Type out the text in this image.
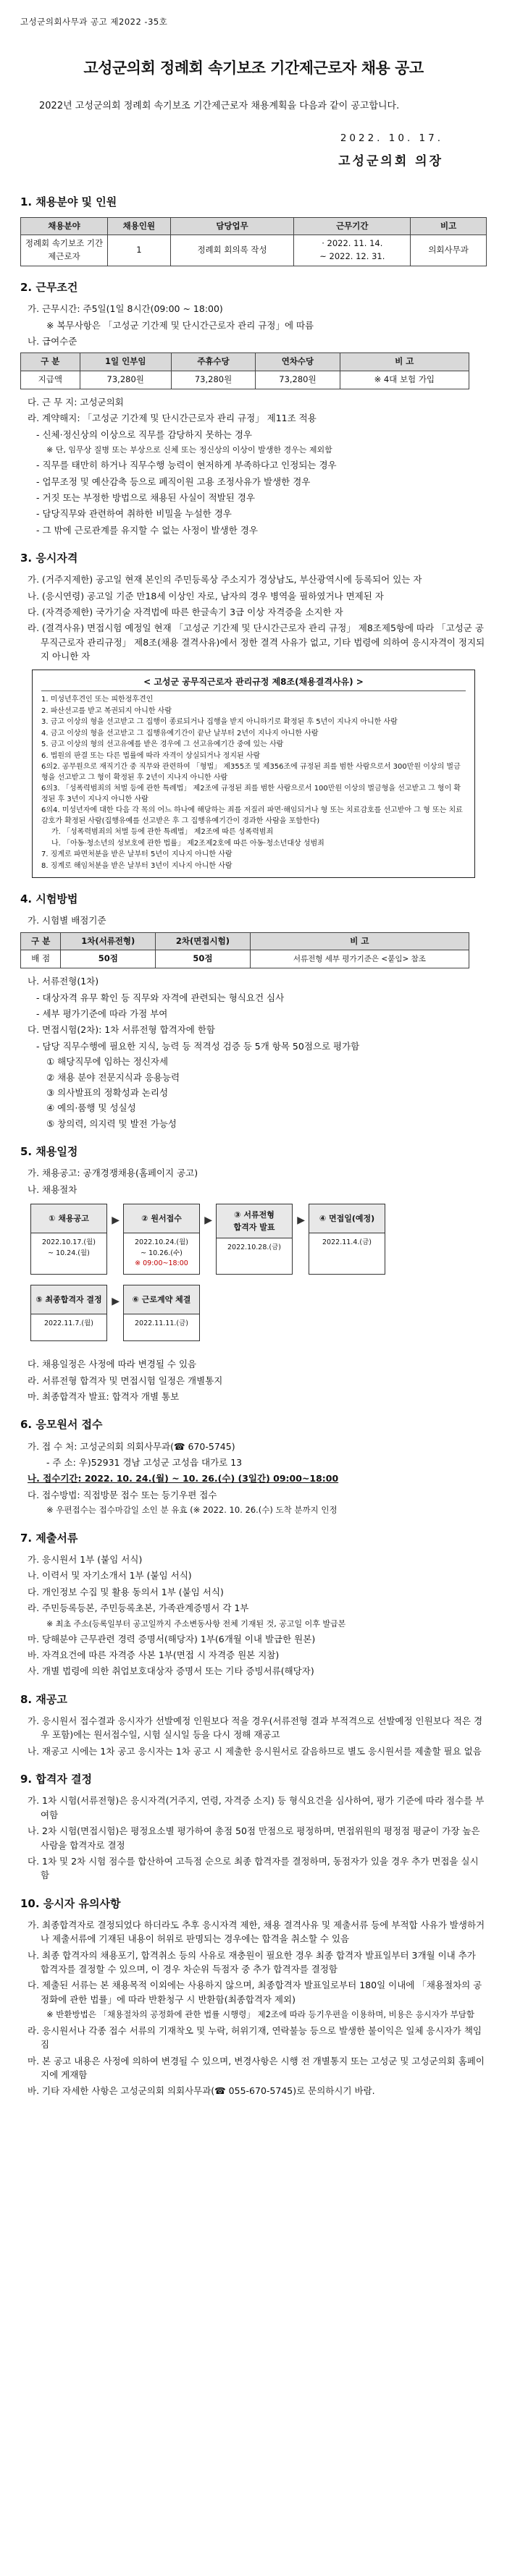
고성군의회사무과 공고 제2022 -35호
고성군의회 정례회 속기보조 기간제근로자 채용 공고
2022년 고성군의회 정례회 속기보조 기간제근로자 채용계획을 다음과 같이 공고합니다.
2022. 10. 17.
고성군의회 의장
1. 채용분야 및 인원
채용분야	채용인원	담당업무	근무기간	비고
정례회 속기보조 기간제근로자	1	정례회 회의록 작성	· 2022. 11. 14.
~ 2022. 12. 31.	의회사무과
2. 근무조건

가. 근무시간: 주5일(1일 8시간(09:00 ~ 18:00)

※ 복무사항은 「고성군 기간제 및 단시간근로자 관리 규정」에 따름

나. 급여수준

구 분	1일 인부임	주휴수당	연차수당	비 고
지급액	73,280원	73,280원	73,280원	※ 4대 보험 가입

다. 근 무 지: 고성군의회

라. 계약해지: 「고성군 기간제 및 단시간근로자 관리 규정」 제11조 적용

- 신체·정신상의 이상으로 직무를 감당하지 못하는 경우

※ 단, 임무상 질병 또는 부상으로 신체 또는 정신상의 이상이 발생한 경우는 제외함

- 직무를 태만히 하거나 직무수행 능력이 현저하게 부족하다고 인정되는 경우

- 업무조정 및 예산감축 등으로 폐직이원 고용 조정사유가 발생한 경우

- 거짓 또는 부정한 방법으로 채용된 사실이 적발된 경우

- 담당직무와 관련하여 취하한 비밀을 누설한 경우

- 그 밖에 근로관계를 유지할 수 없는 사정이 발생한 경우

3. 응시자격

가. (거주지제한) 공고일 현재 본인의 주민등록상 주소지가 경상남도, 부산광역시에 등록되어 있는 자

나. (응시연령) 공고일 기준 만18세 이상인 자로, 남자의 경우 병역을 필하였거나 면제된 자

다. (자격증제한) 국가기술 자격법에 따른 한글속기 3급 이상 자격증을 소지한 자

라. (결격사유) 면접시험 예정일 현재 「고성군 기간제 및 단시간근로자 관리 규정」 제8조제5항에 따라 「고성군 공무직근로자 관리규정」 제8조(채용 결격사유)에서 정한 결격 사유가 없고, 기타 법령에 의하여 응시자격이 정지되지 아니한 자

< 고성군 공무직근로자 관리규정 제8조(채용결격사유) >

1. 미성년후견인 또는 피한정후견인

2. 파산선고를 받고 복권되지 아니한 사람

3. 금고 이상의 형을 선고받고 그 집행이 종료되거나 집행을 받지 아니하기로 확정된 후 5년이 지나지 아니한 사람

4. 금고 이상의 형을 선고받고 그 집행유예기간이 끝난 날부터 2년이 지나지 아니한 사람

5. 금고 이상의 형의 선고유예를 받은 경우에 그 선고유예기간 중에 있는 사람

6. 법원의 판결 또는 다른 법률에 따라 자격이 상실되거나 정지된 사람

6의2. 공무원으로 재직기간 중 직무와 관련하여 「형법」 제355조 및 제356조에 규정된 죄를 범한 사람으로서 300만원 이상의 벌금형을 선고받고 그 형이 확정된 후 2년이 지나지 아니한 사람

6의3. 「성폭력범죄의 처벌 등에 관한 특례법」 제2조에 규정된 죄를 범한 사람으로서 100만원 이상의 벌금형을 선고받고 그 형이 확정된 후 3년이 지나지 아니한 사람

6의4. 미성년자에 대한 다음 각 목의 어느 하나에 해당하는 죄를 저질러 파면·해임되거나 형 또는 치료감호를 선고받아 그 형 또는 치료감호가 확정된 사람(집행유예를 선고받은 후 그 집행유예기간이 경과한 사람을 포함한다)

가. 「성폭력범죄의 처벌 등에 관한 특례법」 제2조에 따른 성폭력범죄

나. 「아동·청소년의 성보호에 관한 법률」 제2조제2호에 따른 아동·청소년대상 성범죄

7. 징계로 파면처분을 받은 날부터 5년이 지나지 아니한 사람

8. 징계로 해임처분을 받은 날부터 3년이 지나지 아니한 사람

4. 시험방법

가. 시험별 배점기준

구 분	1차(서류전형)	2차(면접시험)	비 고
배 점	50점	50점	서류전형 세부 평가기준은 <붙임> 참조

나. 서류전형(1차)

- 대상자격 유무 확인 등 직무와 자격에 관련되는 형식요건 심사

- 세부 평가기준에 따라 가점 부여

다. 면접시험(2차): 1차 서류전형 합격자에 한함

- 담당 직무수행에 필요한 지식, 능력 등 적격성 검증 등 5개 항목 50점으로 평가함

① 해당직무에 임하는 정신자세

② 채용 분야 전문지식과 응용능력

③ 의사발표의 정확성과 논리성

④ 예의·품행 및 성실성

⑤ 창의력, 의지력 및 발전 가능성

5. 채용일정

가. 채용공고: 공개경쟁채용(홈페이지 공고)

나. 채용절차

① 채용공고
2022.10.17.(월)
~ 10.24.(월)
▶	② 원서접수
2022.10.24.(월)
~ 10.26.(수)
※ 09:00~18:00
▶	③ 서류전형
합격자 발표
2022.10.28.(금)
▶	④ 면접일(예정)
2022.11.4.(금)
⑤ 최종합격자 결정
2022.11.7.(월)
▶	⑥ 근로계약 체결
2022.11.11.(금)

다. 채용일정은 사정에 따라 변경될 수 있음

라. 서류전형 합격자 및 면접시험 일정은 개별통지

마. 최종합격자 발표: 합격자 개별 통보

6. 응모원서 접수

가. 접 수 처: 고성군의회 의회사무과(☎ 670-5745)

- 주 소: 우)52931 경남 고성군 고성읍 대가로 13

나. 접수기간: 2022. 10. 24.(월) ~ 10. 26.(수) (3일간) 09:00~18:00

다. 접수방법: 직접방문 접수 또는 등기우편 접수

※ 우편접수는 접수마감일 소인 분 유효 (※ 2022. 10. 26.(수) 도착 분까지 인정

7. 제출서류

가. 응시원서 1부 (붙임 서식)

나. 이력서 및 자기소개서 1부 (붙임 서식)

다. 개인정보 수집 및 활용 동의서 1부 (붙임 서식)

라. 주민등록등본, 주민등록초본, 가족관계증명서 각 1부

※ 최초 주소(등록일부터 공고일까지 주소변동사항 전체 기재된 것, 공고일 이후 발급본

마. 당해분야 근무관련 경력 증명서(해당자) 1부(6개월 이내 발급한 원본)

바. 자격요건에 따른 자격증 사본 1부(면접 시 자격증 원본 지참)

사. 개별 법령에 의한 취업보호대상자 증명서 또는 기타 증빙서류(해당자)

8. 재공고

가. 응시원서 접수결과 응시자가 선발예정 인원보다 적을 경우(서류전형 결과 부적격으로 선발예정 인원보다 적은 경우 포함)에는 원서접수일, 시험 실시일 등을 다시 정해 재공고

나. 재공고 시에는 1차 공고 응시자는 1차 공고 시 제출한 응시원서로 갈음하므로 별도 응시원서를 제출할 필요 없음

9. 합격자 결정

가. 1차 시험(서류전형)은 응시자격(거주지, 연령, 자격증 소지) 등 형식요건을 심사하여, 평가 기준에 따라 점수를 부여함

나. 2차 시험(면접시험)은 평정요소별 평가하여 총점 50점 만점으로 평정하며, 면접위원의 평정점 평균이 가장 높은 사람을 합격자로 결정

다. 1차 및 2차 시험 점수를 합산하여 고득점 순으로 최종 합격자를 결정하며, 동점자가 있을 경우 추가 면접을 실시함

10. 응시자 유의사항

가. 최종합격자로 결정되었다 하더라도 추후 응시자격 제한, 채용 결격사유 및 제출서류 등에 부적합 사유가 발생하거나 제출서류에 기재된 내용이 허위로 판명되는 경우에는 합격을 취소할 수 있음

나. 최종 합격자의 채용포기, 합격취소 등의 사유로 재충원이 필요한 경우 최종 합격자 발표일부터 3개월 이내 추가 합격자를 결정할 수 있으며, 이 경우 차순위 득점자 중 추가 합격자를 결정함

다. 제출된 서류는 본 채용목적 이외에는 사용하지 않으며, 최종합격자 발표일로부터 180일 이내에 「채용절차의 공정화에 관한 법률」에 따라 반환청구 시 반환함(최종합격자 제외)

※ 반환방법은 「채용절차의 공정화에 관한 법률 시행령」 제2조에 따라 등기우편을 이용하며, 비용은 응시자가 부담함

라. 응시원서나 각종 접수 서류의 기재착오 및 누락, 허위기재, 연락불능 등으로 발생한 불이익은 일체 응시자가 책임짐

마. 본 공고 내용은 사정에 의하여 변경될 수 있으며, 변경사항은 시행 전 개별통지 또는 고성군 및 고성군의회 홈페이지에 게재함

바. 기타 자세한 사항은 고성군의회 의회사무과(☎ 055-670-5745)로 문의하시기 바람.
